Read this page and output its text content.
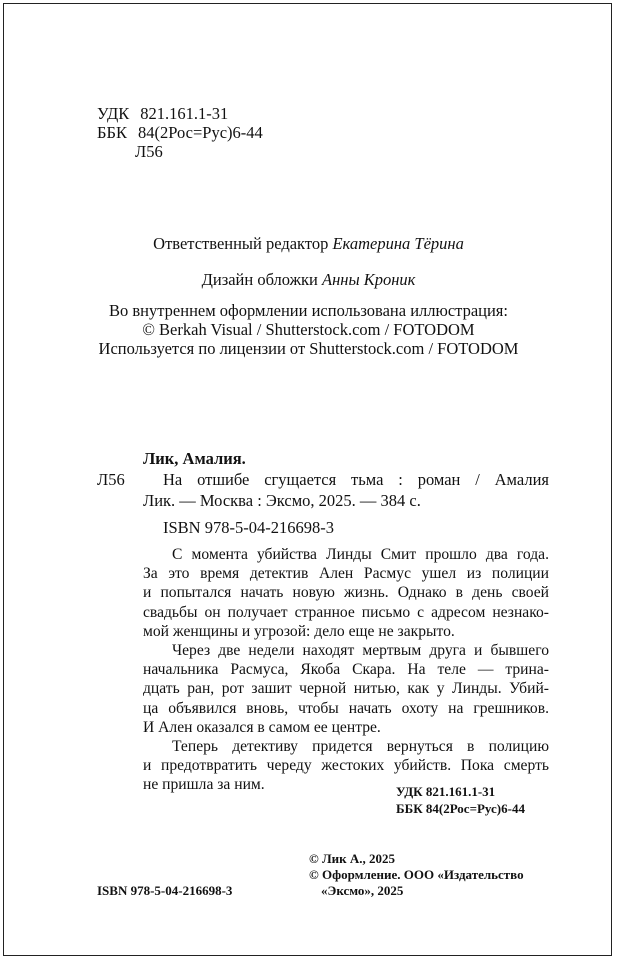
УДК 821.161.1-31
ББК 84(2Рос=Рус)6-44
Л56
Ответственный редактор Екатерина Тёрина
Дизайн обложки Анны Кроник
Во внутреннем оформлении использована иллюстрация:
© Berkah Visual / Shutterstock.com / FOTODOM
Используется по лицензии от Shutterstock.com / FOTODOM
Лик, Амалия.
Л56 На отшибе сгущается тьма : роман / Амалия
Лик. — Москва : Эксмо, 2025. — 384 с.
ISBN 978-5-04-216698-3
С момента убийства Линды Смит прошло два года.
За это время детектив Ален Расмус ушел из полиции
и попытался начать новую жизнь. Однако в день своей
свадьбы он получает странное письмо с адресом незнако-
мой женщины и угрозой: дело еще не закрыто.
Через две недели находят мертвым друга и бывшего
начальника Расмуса, Якоба Скара. На теле — трина-
дцать ран, рот зашит черной нитью, как у Линды. Убий-
ца объявился вновь, чтобы начать охоту на грешников.
И Ален оказался в самом ее центре.
Теперь детективу придется вернуться в полицию
и предотвратить череду жестоких убийств. Пока смерть
не пришла за ним.	УДК 821.161.1-31
ББК 84(2Рос=Рус)6-44
© Лик А., 2025
© Оформление. ООО «Издательство
«Эксмо», 2025
ISBN 978-5-04-216698-3
